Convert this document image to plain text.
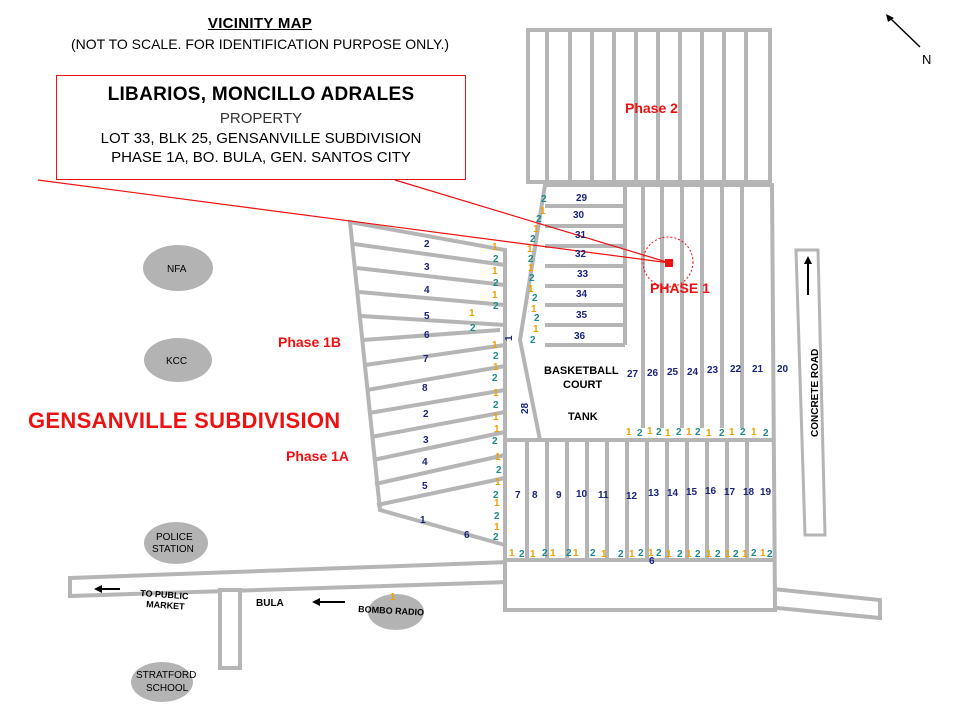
29
30
31
32
33
34
35
36
27 26 25 24 23 22 21 20
7 8 9 10 11 12 13 14 15 16 17 18 19
2
3
4
5
6
7
8
2
3
4
5
1
6
1
28
6
1
2
1
2
1
2
1
2
1
2
1
2
1
2
1
1
2
1
2
1
2
1
2
1
2
2
1
2
1
2
1
2
1
2
1
2
1
2
1
2
1 2 1 2 1 2 1 2 1 2 1 2 1 2
1 2 1 2 1 2 1 2 1 2 1 2 1 2 1 2 1 2 1 2 1 2 1 2 1 2
1
NFA
KCC
POLICE
STATION
BASKETBALL
COURT
TANK	CONCRETE ROAD
TO PUBLIC
MARKET	BULA
BOMBO RADIO
STRATFORD
SCHOOL
VICINITY MAP
(NOT TO SCALE. FOR IDENTIFICATION PURPOSE ONLY.)
LIBARIOS, MONCILLO ADRALES
PROPERTY
LOT 33, BLK 25, GENSANVILLE SUBDIVISION
PHASE 1A, BO. BULA, GEN. SANTOS CITY
N
GENSANVILLE SUBDIVISION
Phase 2
PHASE 1
Phase 1B
Phase 1A
